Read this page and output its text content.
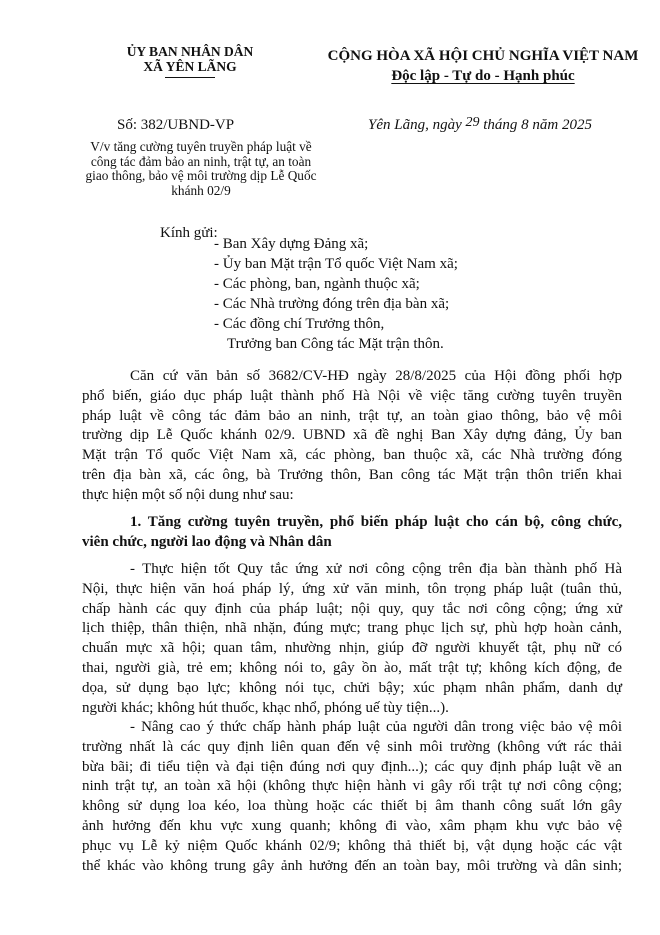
ỦY BAN NHÂN DÂN
XÃ YÊN LÃNG
CỘNG HÒA XÃ HỘI CHỦ NGHĨA VIỆT NAM
Độc lập - Tự do - Hạnh phúc
Số: 382/UBND-VP	Yên Lãng, ngày 29 tháng 8 năm 2025
V/v tăng cường tuyên truyền pháp luật về công tác đảm bảo an ninh, trật tự, an toàn giao thông, bảo vệ môi trường dịp Lễ Quốc khánh 02/9
Kính gửi:
- Ban Xây dựng Đảng xã;
- Ủy ban Mặt trận Tổ quốc Việt Nam xã;
- Các phòng, ban, ngành thuộc xã;
- Các Nhà trường đóng trên địa bàn xã;
- Các đồng chí Trưởng thôn,
Trưởng ban Công tác Mặt trận thôn.
Căn cứ văn bản số 3682/CV-HĐ ngày 28/8/2025 của Hội đồng phối hợp
phổ biến, giáo dục pháp luật thành phố Hà Nội về việc tăng cường tuyên truyền
pháp luật về công tác đảm bảo an ninh, trật tự, an toàn giao thông, bảo vệ môi
trường dịp Lễ Quốc khánh 02/9. UBND xã đề nghị Ban Xây dựng đảng, Ủy ban
Mặt trận Tổ quốc Việt Nam xã, các phòng, ban thuộc xã, các Nhà trường đóng
trên địa bàn xã, các ông, bà Trưởng thôn, Ban công tác Mặt trận thôn triển khai
thực hiện một số nội dung như sau:
1. Tăng cường tuyên truyền, phổ biến pháp luật cho cán bộ, công chức,
viên chức, người lao động và Nhân dân
- Thực hiện tốt Quy tắc ứng xử nơi công cộng trên địa bàn thành phố Hà
Nội, thực hiện văn hoá pháp lý, ứng xử văn minh, tôn trọng pháp luật (tuân thủ,
chấp hành các quy định của pháp luật; nội quy, quy tắc nơi công cộng; ứng xử
lịch thiệp, thân thiện, nhã nhặn, đúng mực; trang phục lịch sự, phù hợp hoàn cảnh,
chuẩn mực xã hội; quan tâm, nhường nhịn, giúp đỡ người khuyết tật, phụ nữ có
thai, người già, trẻ em; không nói to, gây ồn ào, mất trật tự; không kích động, đe
dọa, sử dụng bạo lực; không nói tục, chửi bậy; xúc phạm nhân phẩm, danh dự
người khác; không hút thuốc, khạc nhổ, phóng uế tùy tiện...).
- Nâng cao ý thức chấp hành pháp luật của người dân trong việc bảo vệ môi
trường nhất là các quy định liên quan đến vệ sinh môi trường (không vứt rác thải
bừa bãi; đi tiểu tiện và đại tiện đúng nơi quy định...); các quy định pháp luật về an
ninh trật tự, an toàn xã hội (không thực hiện hành vi gây rối trật tự nơi công cộng;
không sử dụng loa kéo, loa thùng hoặc các thiết bị âm thanh công suất lớn gây
ảnh hưởng đến khu vực xung quanh; không đi vào, xâm phạm khu vực bảo vệ
phục vụ Lễ kỷ niệm Quốc khánh 02/9; không thả thiết bị, vật dụng hoặc các vật
thể khác vào không trung gây ảnh hưởng đến an toàn bay, môi trường và dân sinh;
